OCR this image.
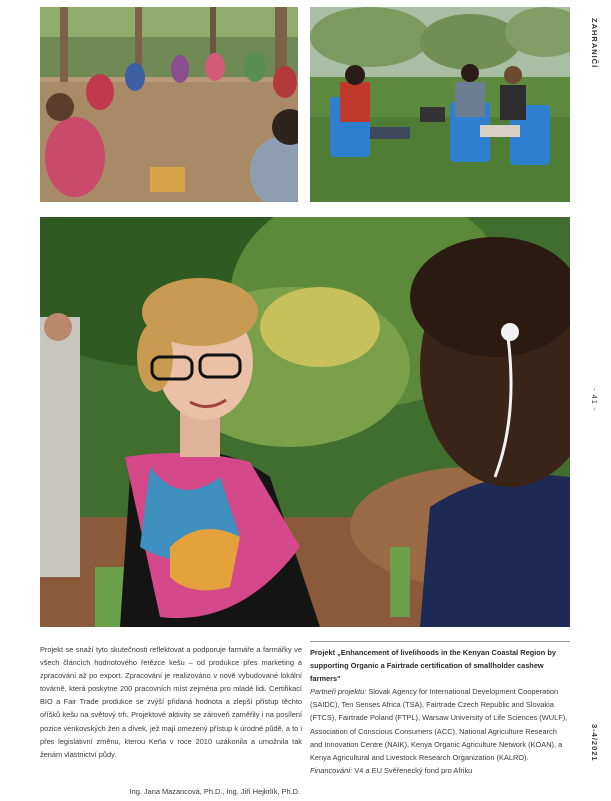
ZAHRANIČÍ
- 41 -
3-4/2021
Projekt se snaží tyto skutečnosti reflektovat a podporuje farmáře a farmářky ve všech článcích hodnotového řetězce kešu – od produkce přes marketing a zpracování až po export. Zpracování je realizováno v nově vybudované lokální továrně, která poskytne 200 pracovních míst zejména pro mladé lidi. Certifikací BIO a Fair Trade produkce se zvýší přidaná hodnota a zlepší přístup těchto oříšků kešu na světový trh. Projektové aktivity se zároveň zaměřily i na posílení pozice venkovských žen a dívek, jež mají omezený přístup k úrodné půdě, a to i přes legislativní změnu, kterou Keňa v roce 2010 uzákonila a umožnila tak ženám vlastnictví půdy.
Ing. Jana Mazancová, Ph.D., Ing. Jiří Hejkrlík, Ph.D.

Projekt „Enhancement of livelihoods in the Kenyan Coastal Region by supporting Organic a Fairtrade certification of smallholder cashew farmers"

Partneři projektu: Slovak Agency for International Development Cooperation (SAIDC), Ten Senses Africa (TSA), Fairtrade Czech Republic and Slovakia (FTCS), Fairtrade Poland (FTPL), Warsaw University of Life Sciences (WULF), Association of Conscious Consumers (ACC), National Agriculture Research and Innovation Centre (NAIK), Kenya Organic Agriculture Network (KOAN), a Kenya Agricultural and Livestock Research Organization (KALRO).

Financování: V4 a EU Svěřenecký fond pro Afriku
